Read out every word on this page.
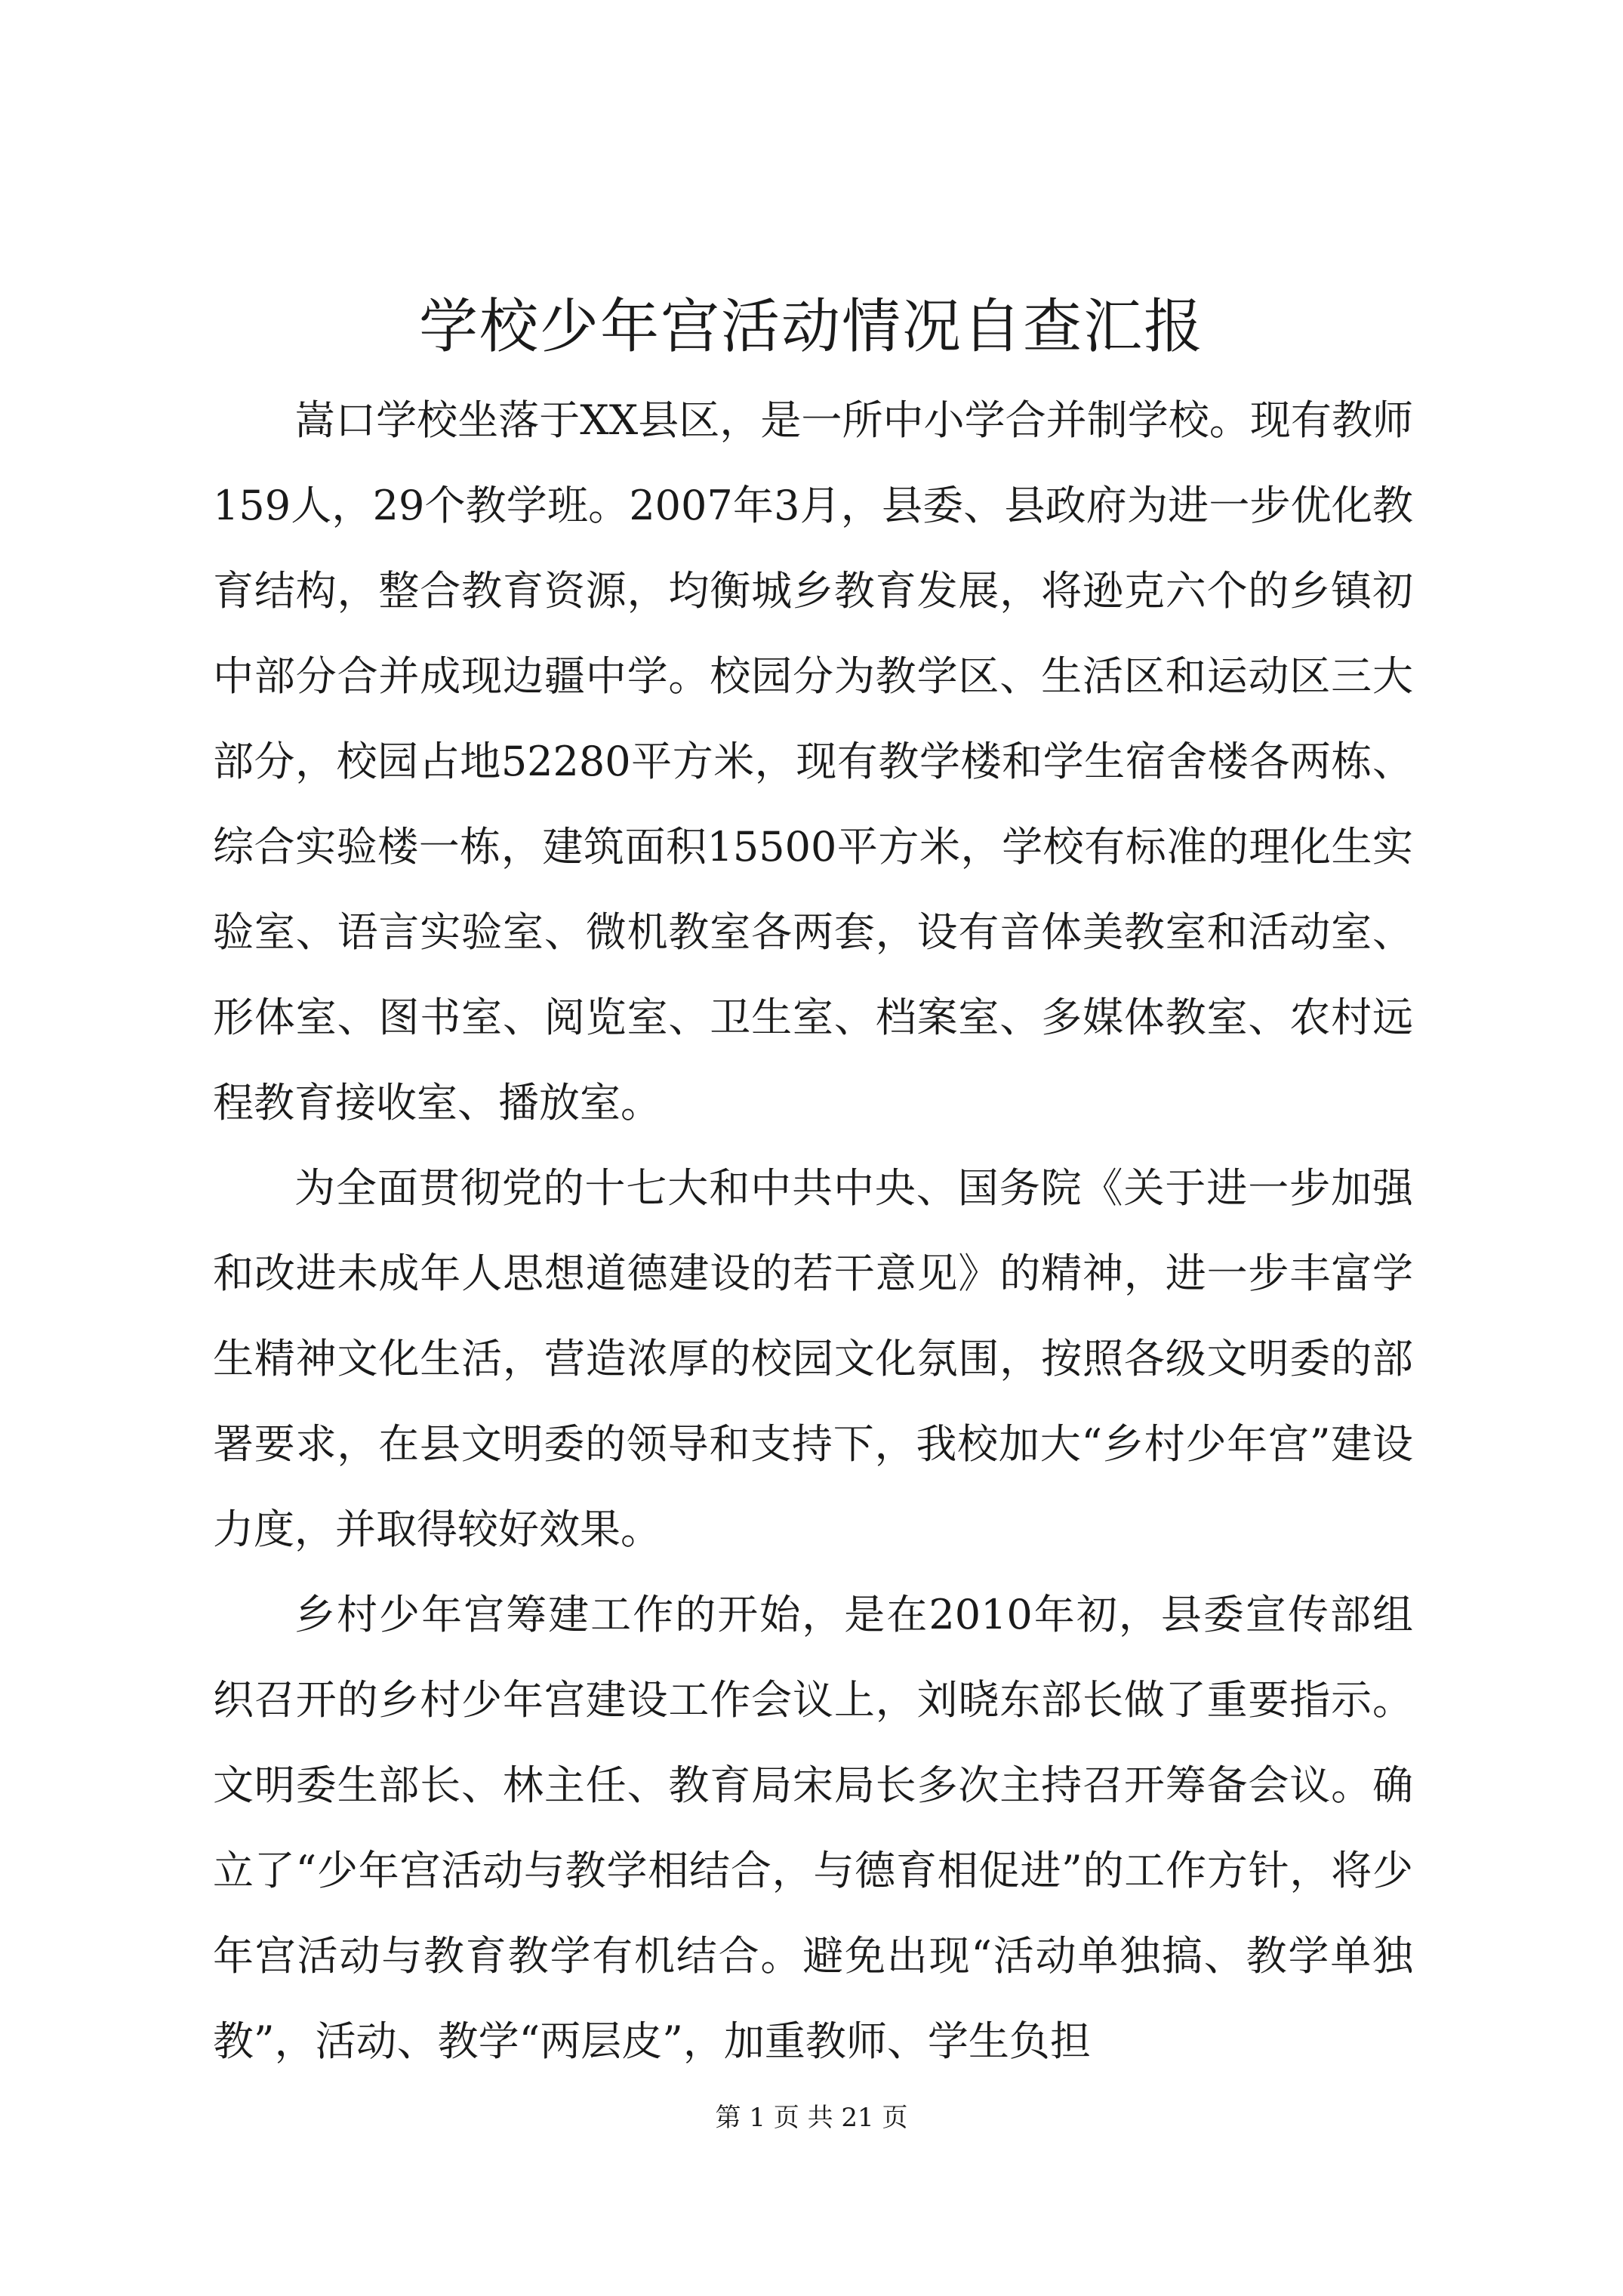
学校少年宫活动情况自查汇报

嵩口学校坐落于XX县区，是一所中小学合并制学校。现有教师159人，29个教学班。2007年3月，县委、县政府为进一步优化教育结构，整合教育资源，均衡城乡教育发展，将逊克六个的乡镇初中部分合并成现边疆中学。校园分为教学区、生活区和运动区三大部分，校园占地52280平方米，现有教学楼和学生宿舍楼各两栋、综合实验楼一栋，建筑面积15500平方米，学校有标准的理化生实验室、语言实验室、微机教室各两套，设有音体美教室和活动室、形体室、图书室、阅览室、卫生室、档案室、多媒体教室、农村远程教育接收室、播放室。

为全面贯彻党的十七大和中共中央、国务院《关于进一步加强和改进未成年人思想道德建设的若干意见》的精神，进一步丰富学生精神文化生活，营造浓厚的校园文化氛围，按照各级文明委的部署要求，在县文明委的领导和支持下，我校加大“乡村少年宫”建设力度，并取得较好效果。

乡村少年宫筹建工作的开始，是在2010年初，县委宣传部组织召开的乡村少年宫建设工作会议上，刘晓东部长做了重要指示。文明委生部长、林主任、教育局宋局长多次主持召开筹备会议。确立了“少年宫活动与教学相结合，与德育相促进”的工作方针，将少年宫活动与教育教学有机结合。避免出现“活动单独搞、教学单独教”，活动、教学“两层皮”，加重教师、学生负担

第 1 页 共 21 页
